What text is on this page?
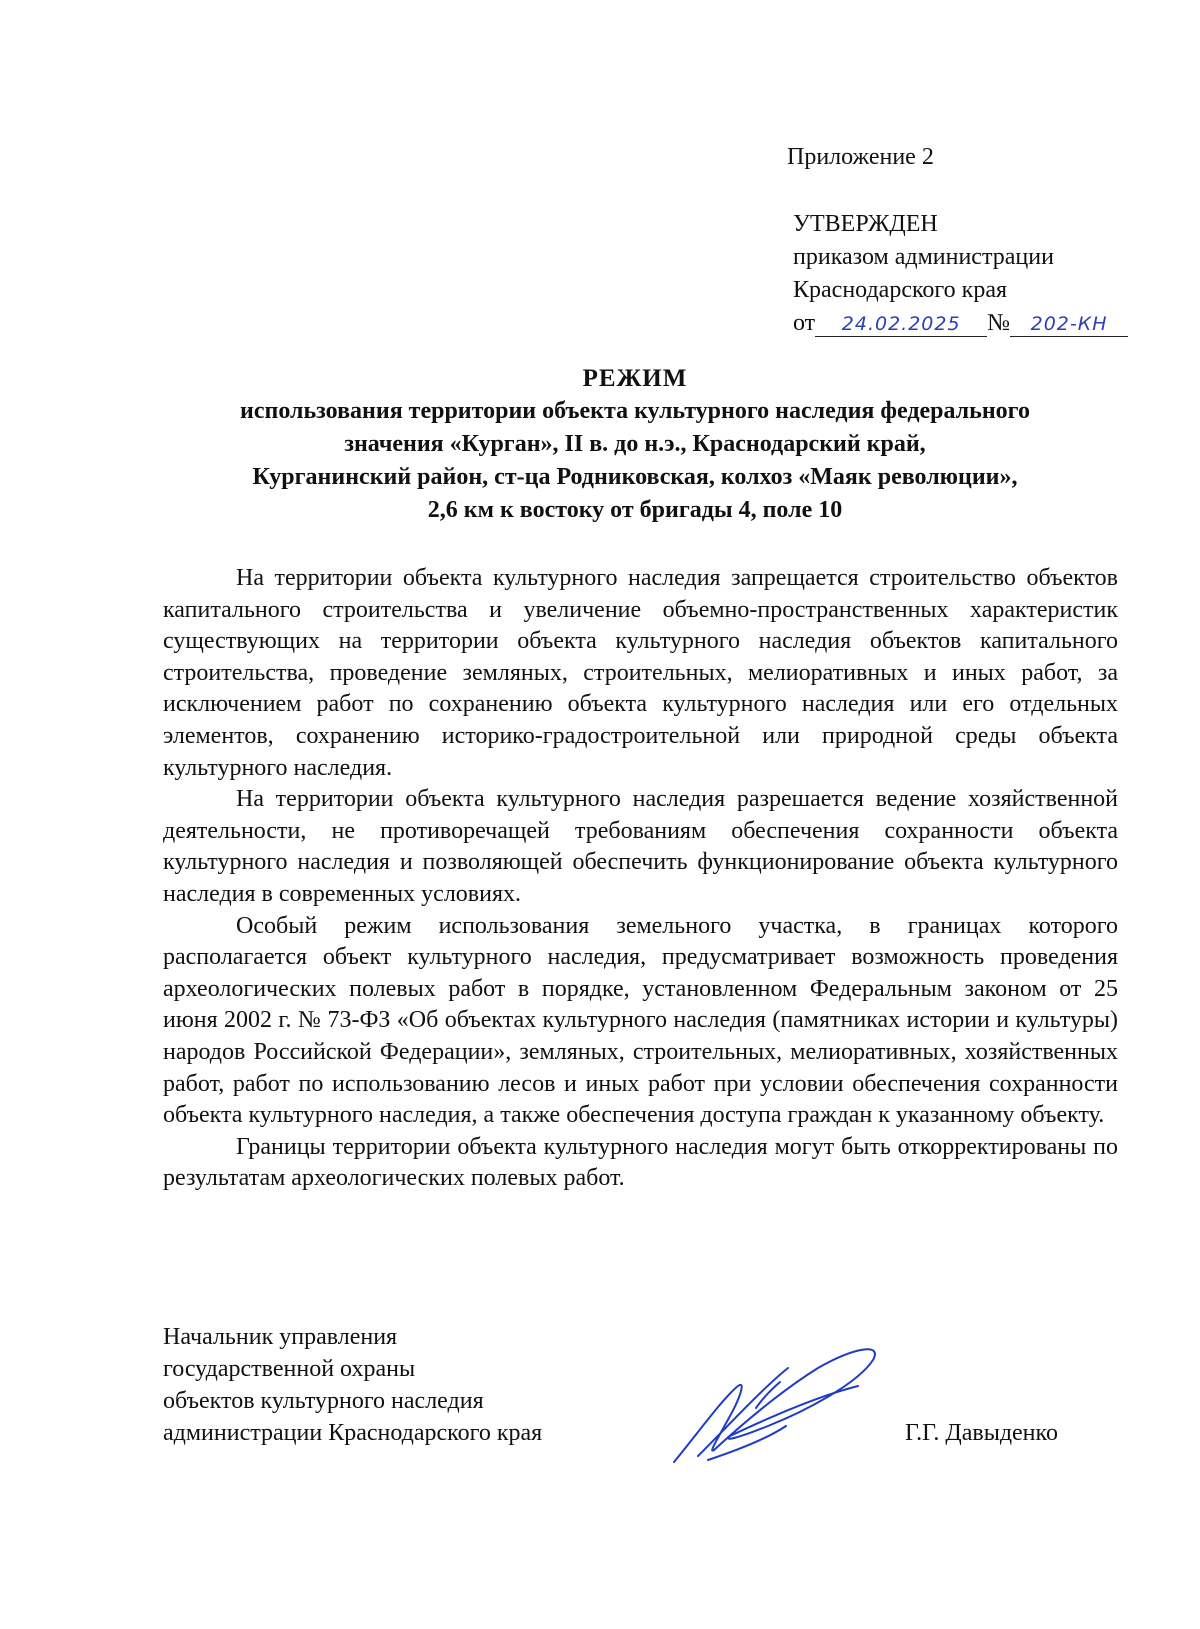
Приложение 2
УТВЕРЖДЕН
приказом администрации
Краснодарского края
от 24.02.2025 № 202-КН
РЕЖИМ
использования территории объекта культурного наследия федерального
значения «Курган», II в. до н.э., Краснодарский край,
Курганинский район, ст-ца Родниковская, колхоз «Маяк революции»,
2,6 км к востоку от бригады 4, поле 10

На территории объекта культурного наследия запрещается строительство объектов капитального строительства и увеличение объемно-пространственных характеристик существующих на территории объекта культурного наследия объектов капитального строительства, проведение земляных, строительных, мелиоративных и иных работ, за исключением работ по сохранению объекта культурного наследия или его отдельных элементов, сохранению историко-градостроительной или природной среды объекта культурного наследия.

На территории объекта культурного наследия разрешается ведение хозяйственной деятельности, не противоречащей требованиям обеспечения сохранности объекта культурного наследия и позволяющей обеспечить функционирование объекта культурного наследия в современных условиях.

Особый режим использования земельного участка, в границах которого располагается объект культурного наследия, предусматривает возможность проведения археологических полевых работ в порядке, установленном Федеральным законом от 25 июня 2002 г. № 73-ФЗ «Об объектах культурного наследия (памятниках истории и культуры) народов Российской Федерации», земляных, строительных, мелиоративных, хозяйственных работ, работ по использованию лесов и иных работ при условии обеспечения сохранности объекта культурного наследия, а также обеспечения доступа граждан к указанному объекту.

Границы территории объекта культурного наследия могут быть откорректированы по результатам археологических полевых работ.

Начальник управления
государственной охраны
объектов культурного наследия
администрации Краснодарского края	Г.Г. Давыденко
